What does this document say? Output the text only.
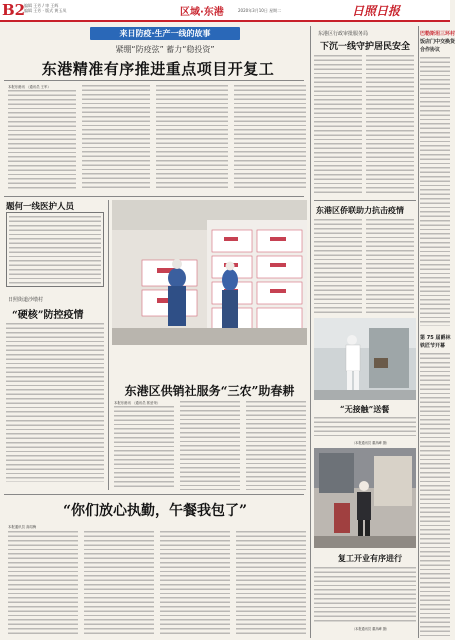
B2
编辑 王芳 / 审 王辉
编辑 王芳 · 版式 黄玉凤	区域·东港	2020年3月10日 星期二	日照日报
来日防疫·生产一线的故事
紧绷“防疫弦” 蓄力“稳投资”
东港精准有序推进重点项目开复工
本报东港讯 （通讯员 王军）
题何一线医护人员
日照街道沙墩村
“硬核”防控疫情
东港区供销社服务“三农”助春耕
本报东港讯 （通讯员 郭爱荣）
“你们放心执勤，午餐我包了”
本报通讯员 高绍梅
东港区行政审批服务局
下沉一线守护居民安全
东港区侨联助力抗击疫情
“无接触”送餐
（本报通讯员 董高峰 摄）
复工开业有序进行
（本报通讯员 董高峰 摄）
巴勒斯坦三环村
饭店门中交换货
合作协议
第 75 届爵林
铁匠节开幕
